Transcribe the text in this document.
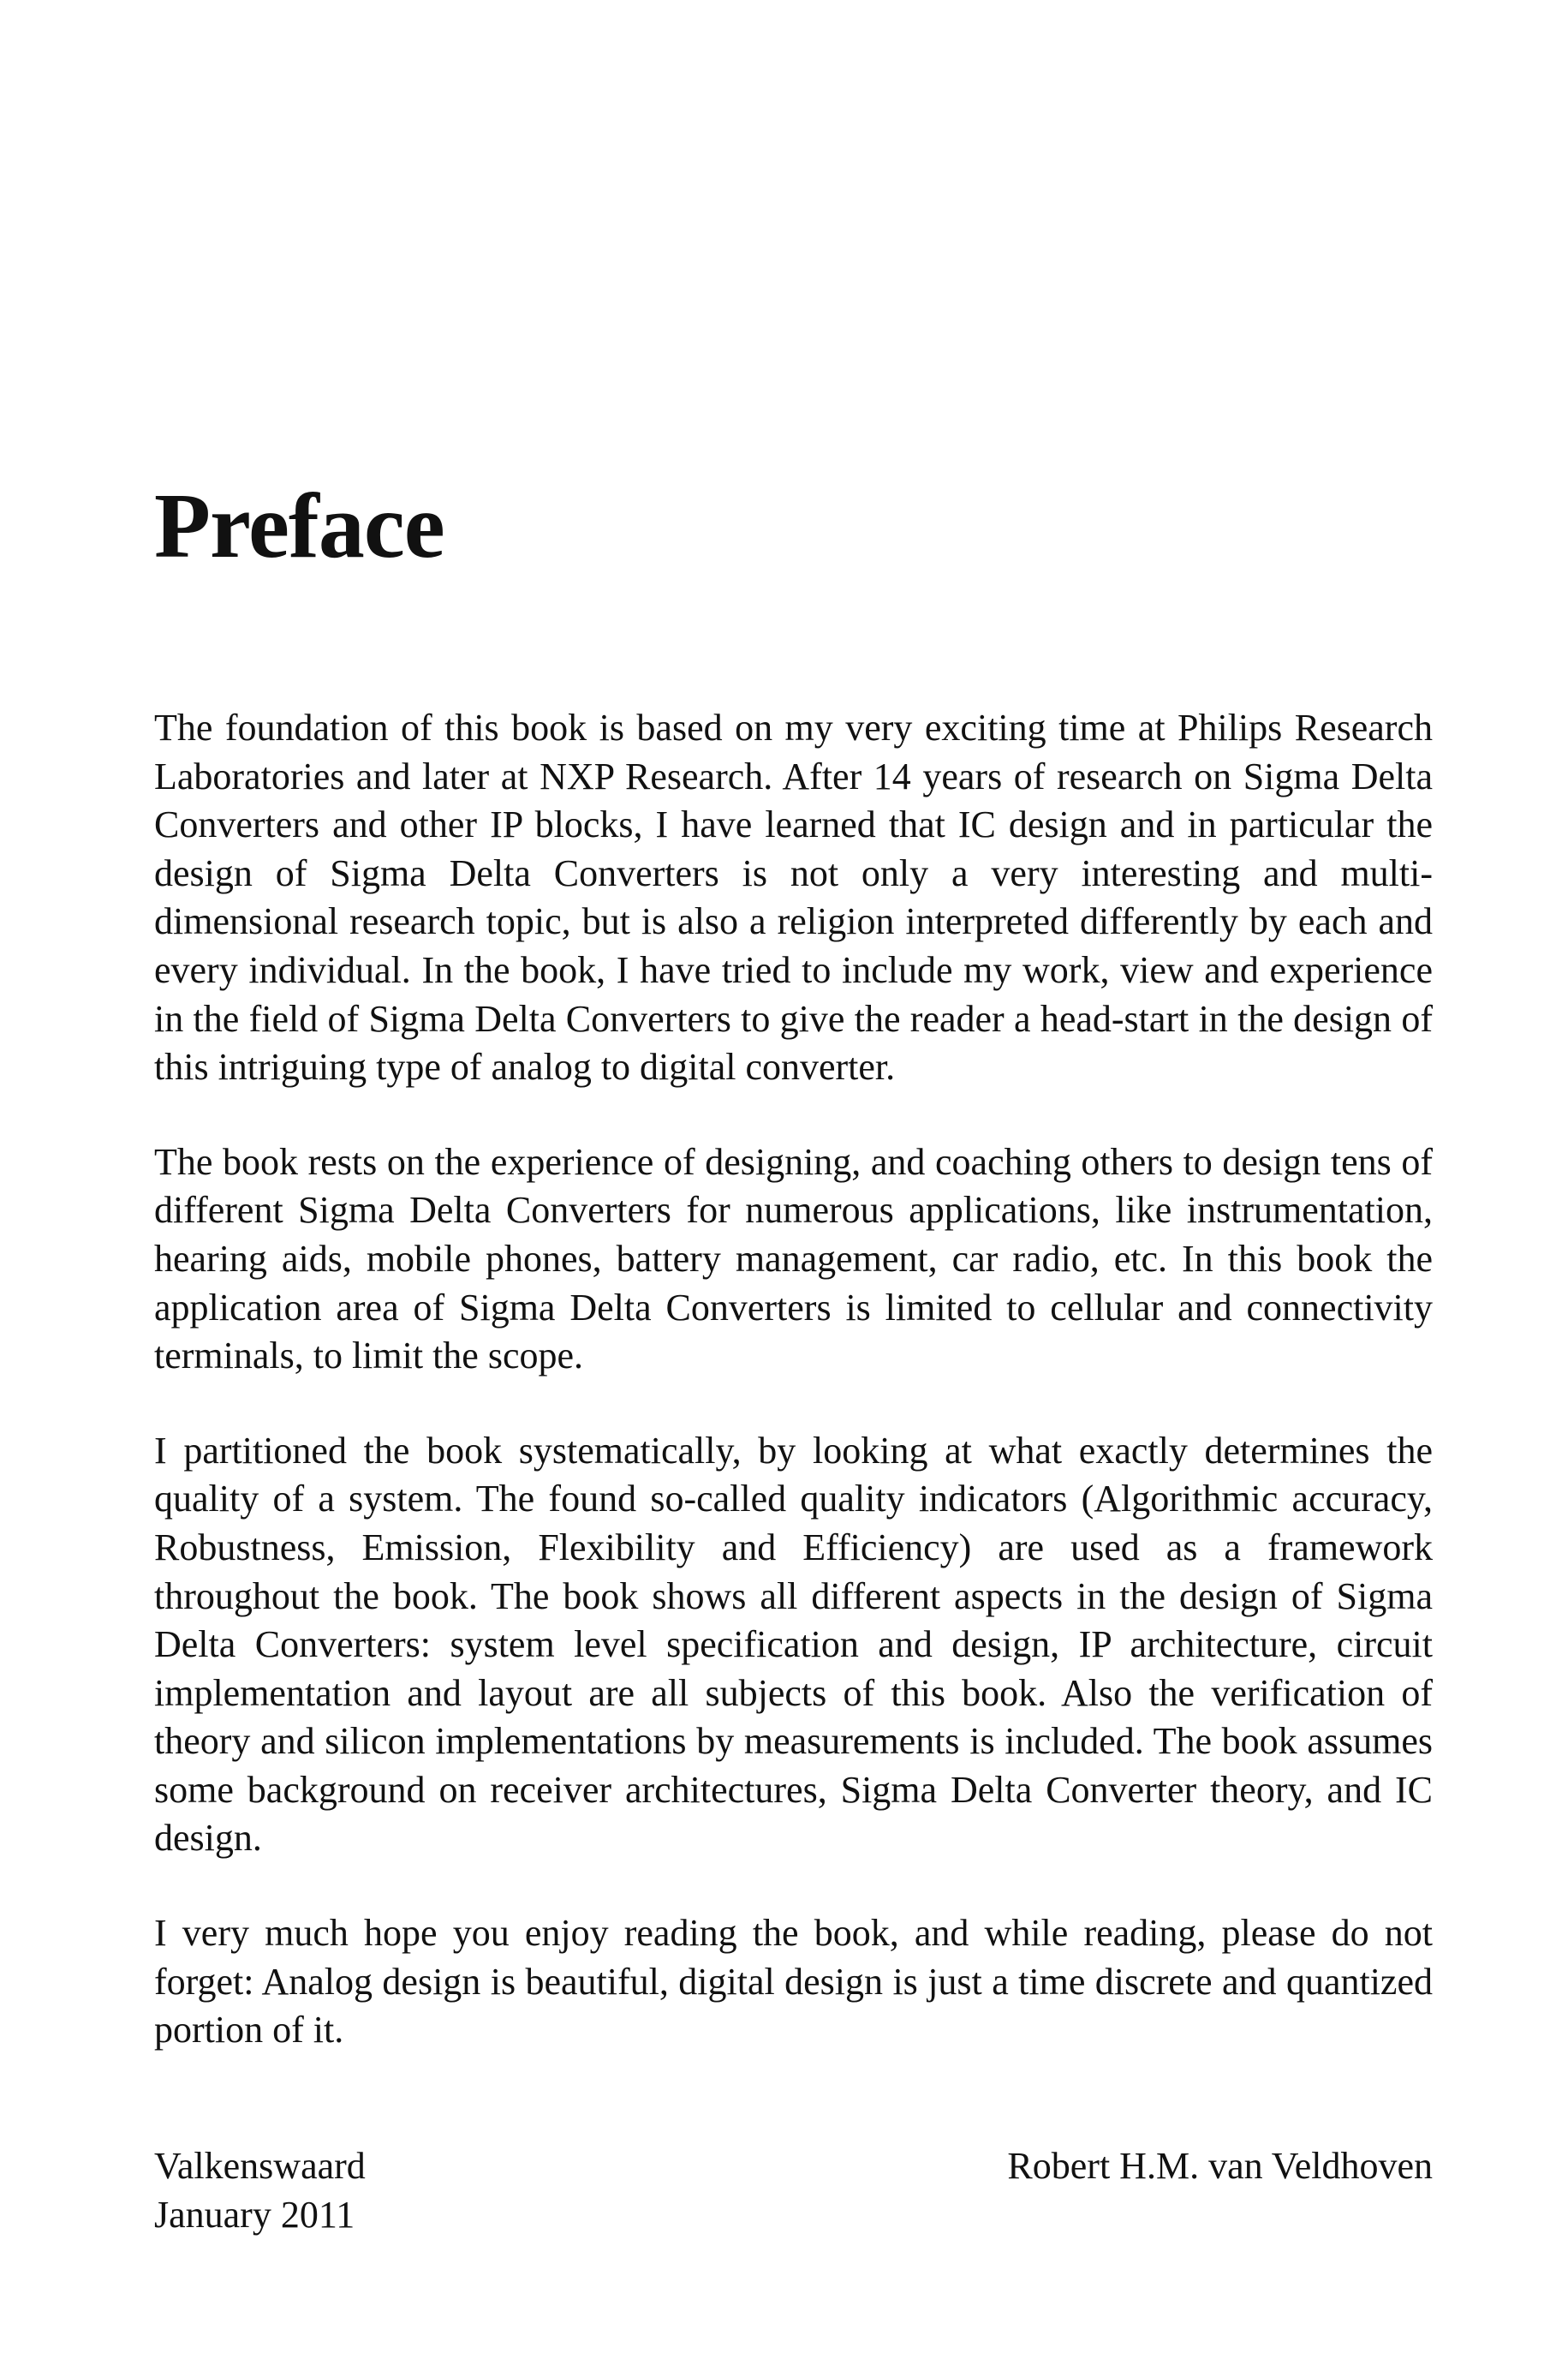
Preface

The foundation of this book is based on my very exciting time at Philips Research Laboratories and later at NXP Research. After 14 years of research on Sigma Delta Converters and other IP blocks, I have learned that IC design and in particular the design of Sigma Delta Converters is not only a very interesting and multi-dimensional research topic, but is also a religion interpreted differently by each and every individual. In the book, I have tried to include my work, view and experience in the field of Sigma Delta Converters to give the reader a head-start in the design of this intriguing type of analog to digital converter.

The book rests on the experience of designing, and coaching others to design tens of different Sigma Delta Converters for numerous applications, like instrumentation, hearing aids, mobile phones, battery management, car radio, etc. In this book the application area of Sigma Delta Converters is limited to cellular and connectivity terminals, to limit the scope.

I partitioned the book systematically, by looking at what exactly determines the quality of a system. The found so-called quality indicators (Algorithmic accuracy, Robustness, Emission, Flexibility and Efficiency) are used as a framework throughout the book. The book shows all different aspects in the design of Sigma Delta Converters: system level specification and design, IP architecture, circuit implementation and layout are all subjects of this book. Also the verification of theory and silicon implementations by measurements is included. The book assumes some background on receiver architectures, Sigma Delta Converter theory, and IC design.

I very much hope you enjoy reading the book, and while reading, please do not forget: Analog design is beautiful, digital design is just a time discrete and quantized portion of it.

Valkenswaard
January 2011
Robert H.M. van Veldhoven
